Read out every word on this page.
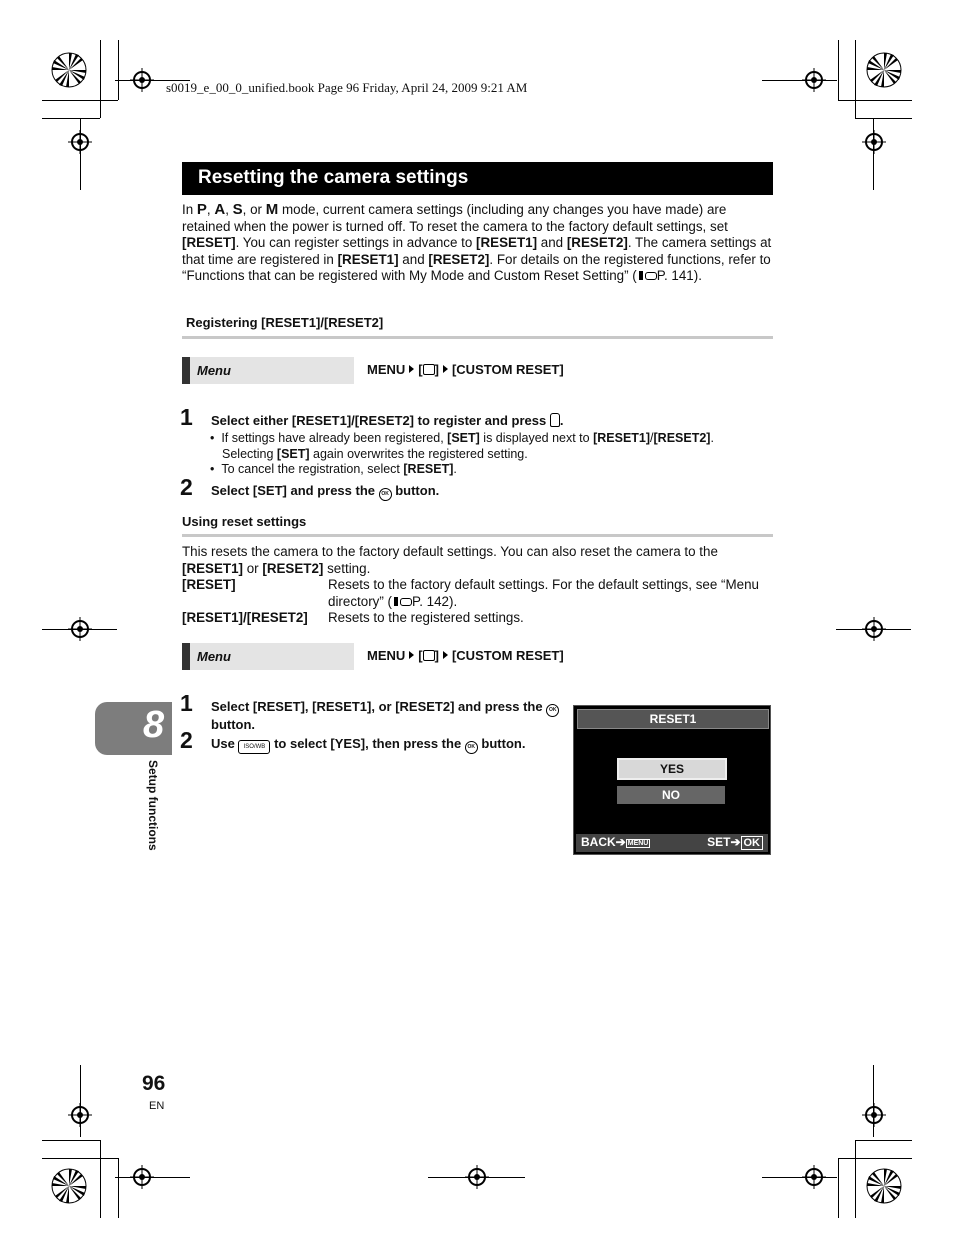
s0019_e_00_0_unified.book Page 96 Friday, April 24, 2009 9:21 AM
Resetting the camera settings
In P, A, S, or M mode, current camera settings (including any changes you have made) are retained when the power is turned off. To reset the camera to the factory default settings, set [RESET]. You can register settings in advance to [RESET1] and [RESET2]. The camera settings at that time are registered in [RESET1] and [RESET2]. For details on the registered functions, refer to “Functions that can be registered with My Mode and Custom Reset Setting” ( P. 141).
Registering [RESET1]/[RESET2]
Menu	MENU [ ] [CUSTOM RESET]
1 Select either [RESET1]/[RESET2] to register and press .
•  If settings have already been registered, [SET] is displayed next to [RESET1]/[RESET2].
Selecting [SET] again overwrites the registered setting.
•  To cancel the registration, select [RESET].
2 Select [SET] and press the OK button.
Using reset settings
This resets the camera to the factory default settings. You can also reset the camera to the [RESET1] or [RESET2] setting.
[RESET]	Resets to the factory default settings. For the default settings, see “Menu directory” ( P. 142).
[RESET1]/[RESET2] Resets to the registered settings.
Menu	MENU [ ] [CUSTOM RESET]
1 Select [RESET], [RESET1], or [RESET2] and press the OK button.
2 Use ISO/WB to select [YES], then press the OK button.
RESET1
YES
NO
BACK➔ MENU	SET➔ OK
8
Setup functions
96
EN
